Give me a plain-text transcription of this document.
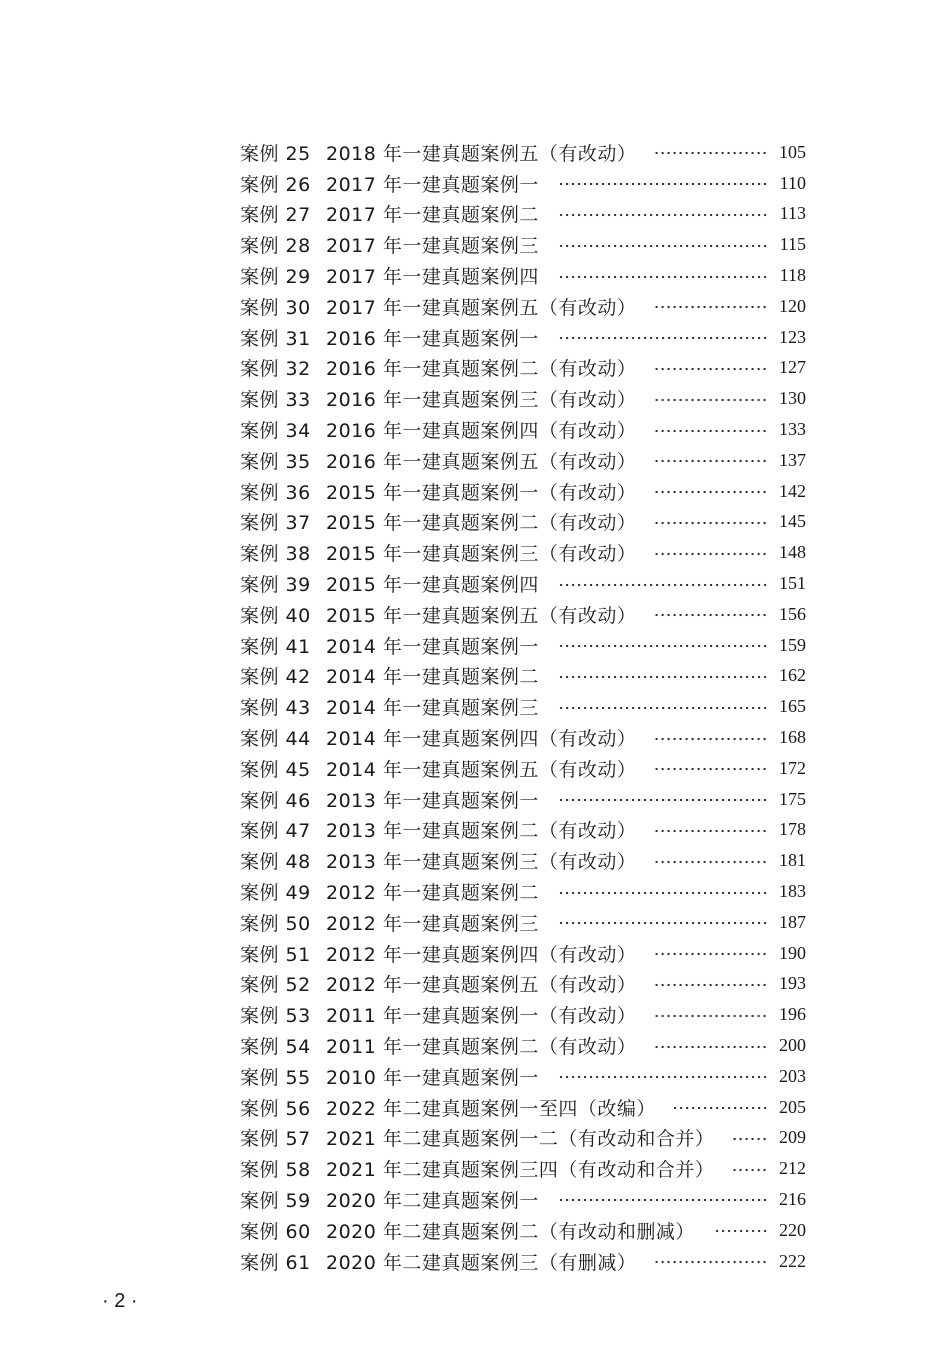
案例 25 2018 年一建真题案例五（有改动）	105
案例 26 2017 年一建真题案例一	110
案例 27 2017 年一建真题案例二	113
案例 28 2017 年一建真题案例三	115
案例 29 2017 年一建真题案例四	118
案例 30 2017 年一建真题案例五（有改动）	120
案例 31 2016 年一建真题案例一	123
案例 32 2016 年一建真题案例二（有改动）	127
案例 33 2016 年一建真题案例三（有改动）	130
案例 34 2016 年一建真题案例四（有改动）	133
案例 35 2016 年一建真题案例五（有改动）	137
案例 36 2015 年一建真题案例一（有改动）	142
案例 37 2015 年一建真题案例二（有改动）	145
案例 38 2015 年一建真题案例三（有改动）	148
案例 39 2015 年一建真题案例四	151
案例 40 2015 年一建真题案例五（有改动）	156
案例 41 2014 年一建真题案例一	159
案例 42 2014 年一建真题案例二	162
案例 43 2014 年一建真题案例三	165
案例 44 2014 年一建真题案例四（有改动）	168
案例 45 2014 年一建真题案例五（有改动）	172
案例 46 2013 年一建真题案例一	175
案例 47 2013 年一建真题案例二（有改动）	178
案例 48 2013 年一建真题案例三（有改动）	181
案例 49 2012 年一建真题案例二	183
案例 50 2012 年一建真题案例三	187
案例 51 2012 年一建真题案例四（有改动）	190
案例 52 2012 年一建真题案例五（有改动）	193
案例 53 2011 年一建真题案例一（有改动）	196
案例 54 2011 年一建真题案例二（有改动）	200
案例 55 2010 年一建真题案例一	203
案例 56 2022 年二建真题案例一至四（改编）	205
案例 57 2021 年二建真题案例一二（有改动和合并）	209
案例 58 2021 年二建真题案例三四（有改动和合并）	212
案例 59 2020 年二建真题案例一	216
案例 60 2020 年二建真题案例二（有改动和删减）	220
案例 61 2020 年二建真题案例三（有删减）	222
· 2 ·
